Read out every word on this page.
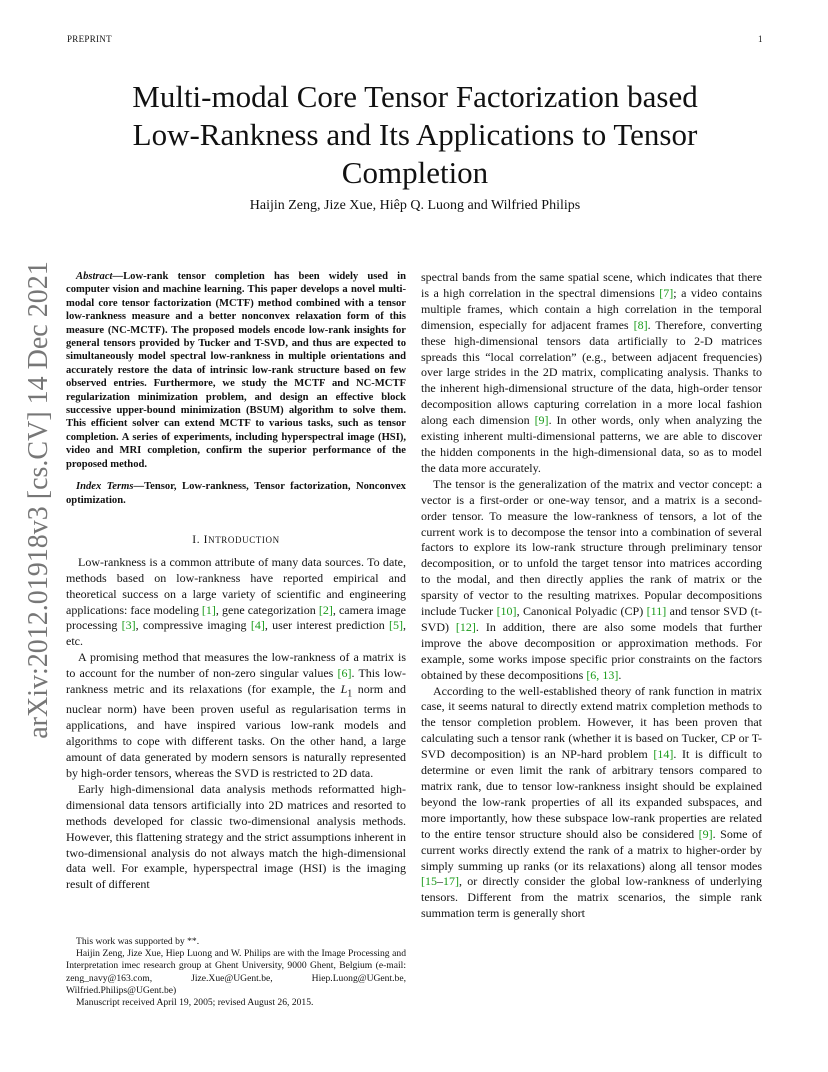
PREPRINT	1
arXiv:2012.01918v3 [cs.CV] 14 Dec 2021
Multi-modal Core Tensor Factorization based Low-Rankness and Its Applications to Tensor Completion
Haijin Zeng, Jize Xue, Hiêp Q. Luong and Wilfried Philips

Abstract—Low-rank tensor completion has been widely used in computer vision and machine learning. This paper develops a novel multi-modal core tensor factorization (MCTF) method combined with a tensor low-rankness measure and a better nonconvex relaxation form of this measure (NC-MCTF). The proposed models encode low-rank insights for general tensors provided by Tucker and T-SVD, and thus are expected to simultaneously model spectral low-rankness in multiple orientations and accurately restore the data of intrinsic low-rank structure based on few observed entries. Furthermore, we study the MCTF and NC-MCTF regularization minimization problem, and design an effective block successive upper-bound minimization (BSUM) algorithm to solve them. This efficient solver can extend MCTF to various tasks, such as tensor completion. A series of experiments, including hyperspectral image (HSI), video and MRI completion, confirm the superior performance of the proposed method.

Index Terms—Tensor, Low-rankness, Tensor factorization, Nonconvex optimization.

I. INTRODUCTION

Low-rankness is a common attribute of many data sources. To date, methods based on low-rankness have reported empirical and theoretical success on a large variety of scientific and engineering applications: face modeling [1], gene categorization [2], camera image processing [3], compressive imaging [4], user interest prediction [5], etc.

A promising method that measures the low-rankness of a matrix is to account for the number of non-zero singular values [6]. This low-rankness metric and its relaxations (for example, the $L_1$ norm and nuclear norm) have been proven useful as regularisation terms in applications, and have inspired various low-rank models and algorithms to cope with different tasks. On the other hand, a large amount of data generated by modern sensors is naturally represented by high-order tensors, whereas the SVD is restricted to 2D data.

Early high-dimensional data analysis methods reformatted high-dimensional data tensors artificially into 2D matrices and resorted to methods developed for classic two-dimensional analysis methods. However, this flattening strategy and the strict assumptions inherent in two-dimensional analysis do not always match the high-dimensional data well. For example, hyperspectral image (HSI) is the imaging result of different

This work was supported by **.

Haijin Zeng, Jize Xue, Hiep Luong and W. Philips are with the Image Processing and Interpretation imec research group at Ghent University, 9000 Ghent, Belgium (e-mail: zeng_navy@163.com, Jize.Xue@UGent.be, Hiep.Luong@UGent.be, Wilfried.Philips@UGent.be)

Manuscript received April 19, 2005; revised August 26, 2015.

spectral bands from the same spatial scene, which indicates that there is a high correlation in the spectral dimensions [7]; a video contains multiple frames, which contain a high correlation in the temporal dimension, especially for adjacent frames [8]. Therefore, converting these high-dimensional tensors data artificially to 2-D matrices spreads this “local correlation” (e.g., between adjacent frequencies) over large strides in the 2D matrix, complicating analysis. Thanks to the inherent high-dimensional structure of the data, high-order tensor decomposition allows capturing correlation in a more local fashion along each dimension [9]. In other words, only when analyzing the existing inherent multi-dimensional patterns, we are able to discover the hidden components in the high-dimensional data, so as to model the data more accurately.

The tensor is the generalization of the matrix and vector concept: a vector is a first-order or one-way tensor, and a matrix is a second-order tensor. To measure the low-rankness of tensors, a lot of the current work is to decompose the tensor into a combination of several factors to explore its low-rank structure through preliminary tensor decomposition, or to unfold the target tensor into matrices according to the modal, and then directly applies the rank of matrix or the sparsity of vector to the resulting matrixes. Popular decompositions include Tucker [10], Canonical Polyadic (CP) [11] and tensor SVD (t-SVD) [12]. In addition, there are also some models that further improve the above decomposition or approximation methods. For example, some works impose specific prior constraints on the factors obtained by these decompositions [6, 13].

According to the well-established theory of rank function in matrix case, it seems natural to directly extend matrix completion methods to the tensor completion problem. However, it has been proven that calculating such a tensor rank (whether it is based on Tucker, CP or T-SVD decomposition) is an NP-hard problem [14]. It is difficult to determine or even limit the rank of arbitrary tensors compared to matrix rank, due to tensor low-rankness insight should be explained beyond the low-rank properties of all its expanded subspaces, and more importantly, how these subspace low-rank properties are related to the entire tensor structure should also be considered [9]. Some of current works directly extend the rank of a matrix to higher-order by simply summing up ranks (or its relaxations) along all tensor modes [15–17], or directly consider the global low-rankness of underlying tensors. Different from the matrix scenarios, the simple rank summation term is generally short
